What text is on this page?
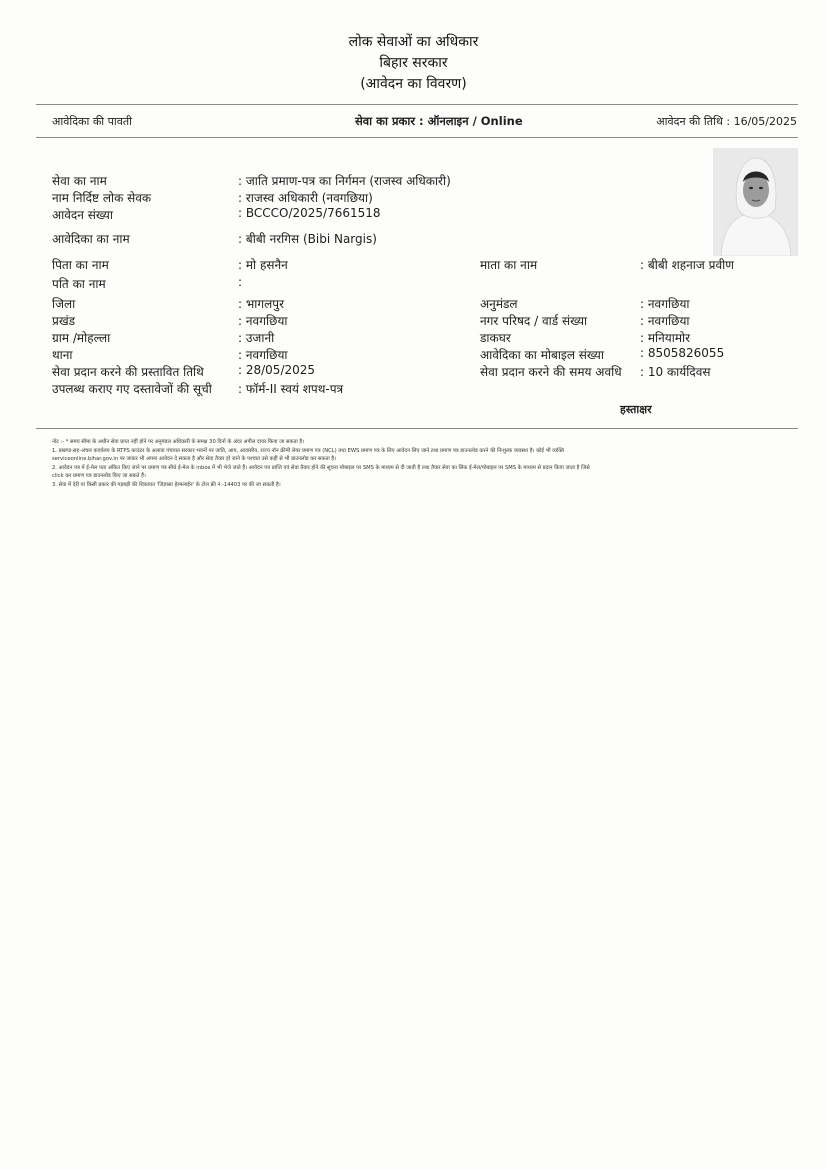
लोक सेवाओं का अधिकार
बिहार सरकार
(आवेदन का विवरण)
आवेदिका की पावती	सेवा का प्रकार : ऑनलाइन / Online	आवेदन की तिथि : 16/05/2025
सेवा का नाम	: जाति प्रमाण-पत्र का निर्गमन (राजस्व अधिकारी)
नाम निर्दिष्ट लोक सेवक	: राजस्व अधिकारी (नवगछिया)
आवेदन संख्या	: BCCCO/2025/7661518
आवेदिका का नाम	: बीबी नरगिस (Bibi Nargis)
पिता का नाम	: मो हसनैन	माता का नाम	: बीबी शहनाज प्रवीण
पति का नाम	:
जिला	: भागलपुर	अनुमंडल	: नवगछिया
प्रखंड	: नवगछिया	नगर परिषद / वार्ड संख्या	: नवगछिया
ग्राम /मोहल्ला	: उजानी	डाकघर	: मनियामोर
थाना	: नवगछिया	आवेदिका का मोबाइल संख्या	: 8505826055
सेवा प्रदान करने की प्रस्तावित तिथि	: 28/05/2025	सेवा प्रदान करने की समय अवधि : 10 कार्यदिवस
उपलब्ध कराए गए दस्तावेजों की सूची : फॉर्म-II स्वयं शपथ-पत्र
हस्ताक्षर
नोट :- * समय सीमा के अधीन सेवा प्राप्त नहीं होने पर अनुमंडल अधिकारी के समक्ष 30 दिनों के अंदर अपील दायर किया जा सकता है।
1. प्रखण्ड-सह-अंचल कार्यालय के RTPS काउंटर के अलावा पंचायत सरकार भवनों पर जाति, आय, आवासीय, राज्य नॉन क्रीमी लेयर प्रमाण पत्र (NCL) तथा EWS प्रमाण पत्र के लिए आवेदन लिए जाने तथा प्रमाण पत्र डाउनलोड करने की निःशुल्क व्यवस्था है। कोई भी व्यक्ति
serviceonline.bihar.gov.in पर जाकर भी अपना आवेदन दे सकता है और सेवा तैयार हो जाने के पश्चात उसे कहीं से भी डाउनलोड कर सकता है।
2. आवेदन पत्र में ई-मेल पता अंकित किए जाने पर प्रमाण पत्र सीधे ई-मेल के inbox में भी भेजे जाते हैं। आवेदन पत्र प्राप्ति एवं सेवा तैयार होने की सूचना मोबाइल पर SMS के माध्यम से दी जाती है तथा तैयार सेवा का लिंक ई-मेल/मोबाइल पर SMS के माध्यम से प्रदान किया जाता है जिसे
click कर प्रमाण पत्र डाउनलोड किए जा सकते हैं।
3. सेवा में देरी या किसी प्रकार की गड़बड़ी की शिकायत 'जिज्ञासा हेल्पलाईन' के टोल फ्री नं.-14403 पर की जा सकती है।
